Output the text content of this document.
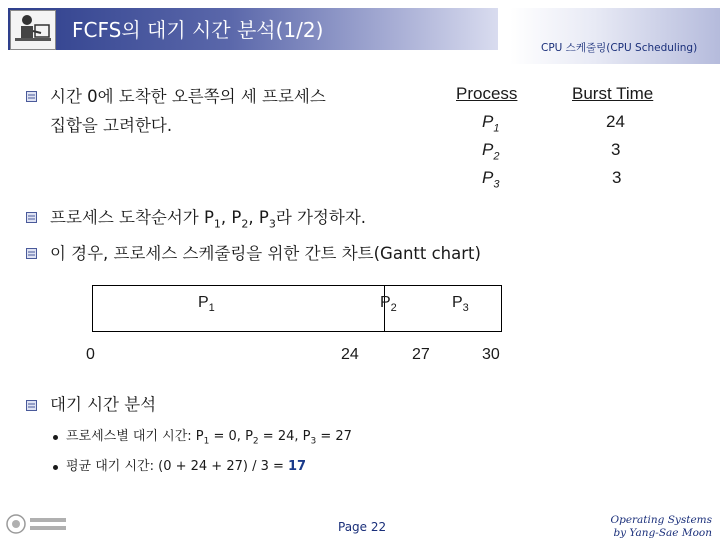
FCFS의 대기 시간 분석(1/2)
CPU 스케줄링(CPU Scheduling)
시간 0에 도착한 오른쪽의 세 프로세스
집합을 고려한다.
Process	Burst Time
$P_1$	24
$P_2$	3
$P_3$	3
프로세스 도착순서가 $P_1$, $P_2$, $P_3$라 가정하자.
이 경우, 프로세스 스케줄링을 위한 간트 차트(Gantt chart)
$P_1$	$P_2$	$P_3$
0	24	27	30
대기 시간 분석
프로세스별 대기 시간: $P_1 = 0$, $P_2 = 24$, $P_3 = 27$
평균 대기 시간: (0 + 24 + 27) / 3 = 17
Page 22	Operating Systems
by Yang-Sae Moon
